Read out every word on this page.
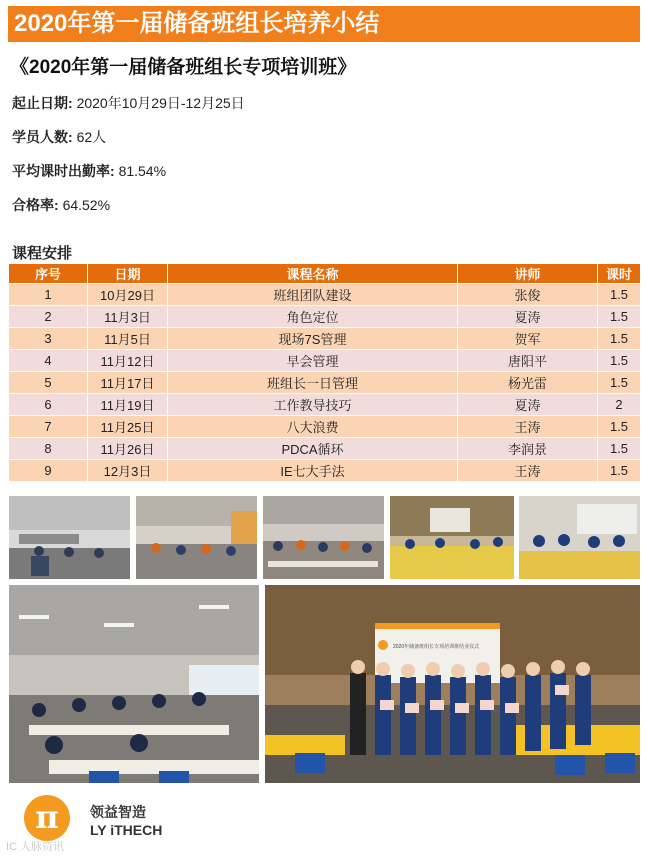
2020年第一届储备班组长培养小结
《2020年第一届储备班组长专项培训班》
起止日期: 2020年10月29日-12月25日
学员人数: 62人
平均课时出勤率: 81.54%
合格率: 64.52%
课程安排
序号	日期	课程名称	讲师	课时
1	10月29日	班组团队建设	张俊	1.5
2	11月3日	角色定位	夏涛	1.5
3	11月5日	现场7S管理	贺军	1.5
4	11月12日	早会管理	唐阳平	1.5
5	11月17日	班组长一日管理	杨光雷	1.5
6	11月19日	工作教导技巧	夏涛	2
7	11月25日	八大浪费	王涛	1.5
8	11月26日	PDCA循环	李润景	1.5
9	12月3日	IE七大手法	王涛	1.5
2020年储备班组长专项培训班结业仪式
π	领益智造
LY iTHECH
IC 人脉资讯
